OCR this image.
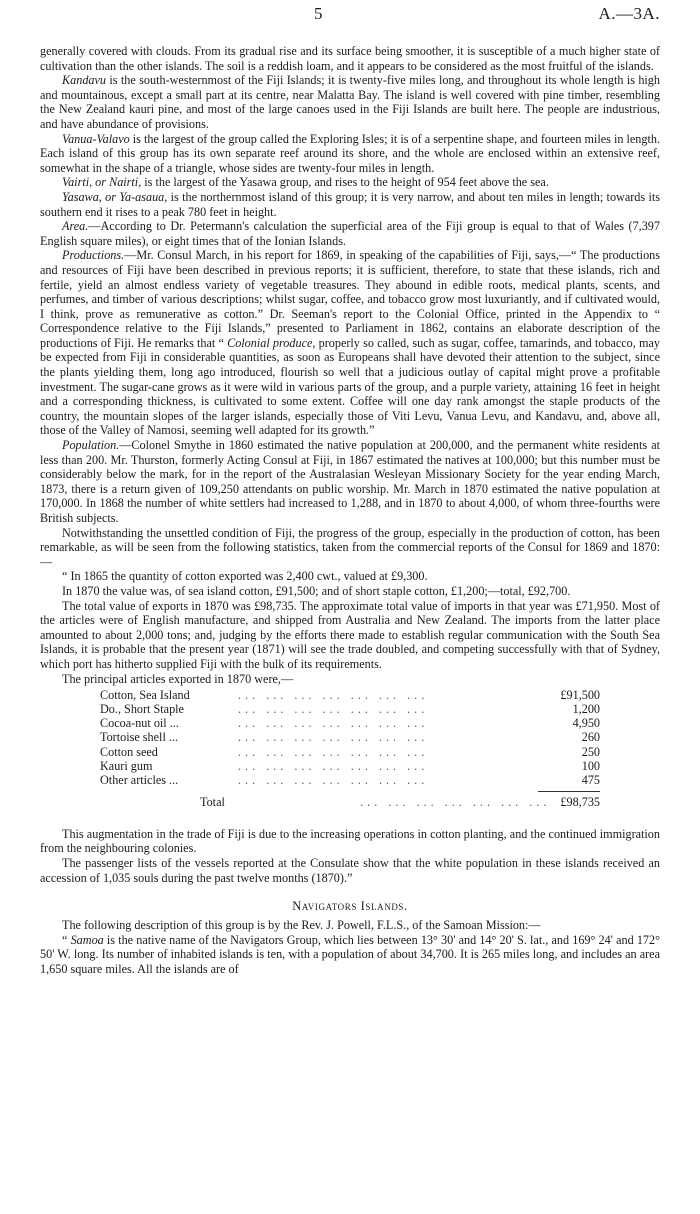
5	A.—3A.

generally covered with clouds. From its gradual rise and its surface being smoother, it is susceptible of a much higher state of cultivation than the other islands. The soil is a reddish loam, and it appears to be considered as the most fruitful of the islands.

Kandavu is the south-westernmost of the Fiji Islands; it is twenty-five miles long, and throughout its whole length is high and mountainous, except a small part at its centre, near Malatta Bay. The island is well covered with pine timber, resembling the New Zealand kauri pine, and most of the large canoes used in the Fiji Islands are built here. The people are industrious, and have abundance of provisions.

Vanua-Valavo is the largest of the group called the Exploring Isles; it is of a serpentine shape, and fourteen miles in length. Each island of this group has its own separate reef around its shore, and the whole are enclosed within an extensive reef, somewhat in the shape of a triangle, whose sides are twenty-four miles in length.

Vairti, or Nairti, is the largest of the Yasawa group, and rises to the height of 954 feet above the sea.

Yasawa, or Ya-asaua, is the northernmost island of this group; it is very narrow, and about ten miles in length; towards its southern end it rises to a peak 780 feet in height.

Area.—According to Dr. Petermann's calculation the superficial area of the Fiji group is equal to that of Wales (7,397 English square miles), or eight times that of the Ionian Islands.

Productions.—Mr. Consul March, in his report for 1869, in speaking of the capabilities of Fiji, says,—“ The productions and resources of Fiji have been described in previous reports; it is sufficient, therefore, to state that these islands, rich and fertile, yield an almost endless variety of vegetable treasures. They abound in edible roots, medical plants, scents, and perfumes, and timber of various descriptions; whilst sugar, coffee, and tobacco grow most luxuriantly, and if cultivated would, I think, prove as remunerative as cotton.” Dr. Seeman's report to the Colonial Office, printed in the Appendix to “ Correspondence relative to the Fiji Islands,” presented to Parliament in 1862, contains an elaborate description of the productions of Fiji. He remarks that “ Colonial produce, properly so called, such as sugar, coffee, tamarinds, and tobacco, may be expected from Fiji in considerable quantities, as soon as Europeans shall have devoted their attention to the subject, since the plants yielding them, long ago introduced, flourish so well that a judicious outlay of capital might prove a profitable investment. The sugar-cane grows as it were wild in various parts of the group, and a purple variety, attaining 16 feet in height and a corresponding thickness, is cultivated to some extent. Coffee will one day rank amongst the staple products of the country, the mountain slopes of the larger islands, especially those of Viti Levu, Vanua Levu, and Kandavu, and, above all, those of the Valley of Namosi, seeming well adapted for its growth.”

Population.—Colonel Smythe in 1860 estimated the native population at 200,000, and the permanent white residents at less than 200. Mr. Thurston, formerly Acting Consul at Fiji, in 1867 estimated the natives at 100,000; but this number must be considerably below the mark, for in the report of the Australasian Wesleyan Missionary Society for the year ending March, 1873, there is a return given of 109,250 attendants on public worship. Mr. March in 1870 estimated the native population at 170,000. In 1868 the number of white settlers had increased to 1,288, and in 1870 to about 4,000, of whom three-fourths were British subjects.

Notwithstanding the unsettled condition of Fiji, the progress of the group, especially in the production of cotton, has been remarkable, as will be seen from the following statistics, taken from the commercial reports of the Consul for 1869 and 1870:—

“ In 1865 the quantity of cotton exported was 2,400 cwt., valued at £9,300.

In 1870 the value was, of sea island cotton, £91,500; and of short staple cotton, £1,200;—total, £92,700.

The total value of exports in 1870 was £98,735. The approximate total value of imports in that year was £71,950. Most of the articles were of English manufacture, and shipped from Australia and New Zealand. The imports from the latter place amounted to about 2,000 tons; and, judging by the efforts there made to establish regular communication with the South Sea Islands, it is probable that the present year (1871) will see the trade doubled, and competing successfully with that of Sydney, which port has hitherto supplied Fiji with the bulk of its requirements.

The principal articles exported in 1870 were,—

Cotton, Sea Island	... ... ... ... ... ... ...	£91,500
Do., Short Staple	... ... ... ... ... ... ...	1,200
Cocoa-nut oil ...	... ... ... ... ... ... ...	4,950
Tortoise shell ...	... ... ... ... ... ... ...	260
Cotton seed	... ... ... ... ... ... ...	250
Kauri gum	... ... ... ... ... ... ...	100
Other articles ...	... ... ... ... ... ... ...	475
Total	... ... ... ... ... ... ... £98,735

This augmentation in the trade of Fiji is due to the increasing operations in cotton planting, and the continued immigration from the neighbouring colonies.

The passenger lists of the vessels reported at the Consulate show that the white population in these islands received an accession of 1,035 souls during the past twelve months (1870).”

Navigators Islands.

The following description of this group is by the Rev. J. Powell, F.L.S., of the Samoan Mission:—

“ Samoa is the native name of the Navigators Group, which lies between 13° 30' and 14° 20' S. lat., and 169° 24' and 172° 50' W. long. Its number of inhabited islands is ten, with a population of about 34,700. It is 265 miles long, and includes an area 1,650 square miles. All the islands are of
